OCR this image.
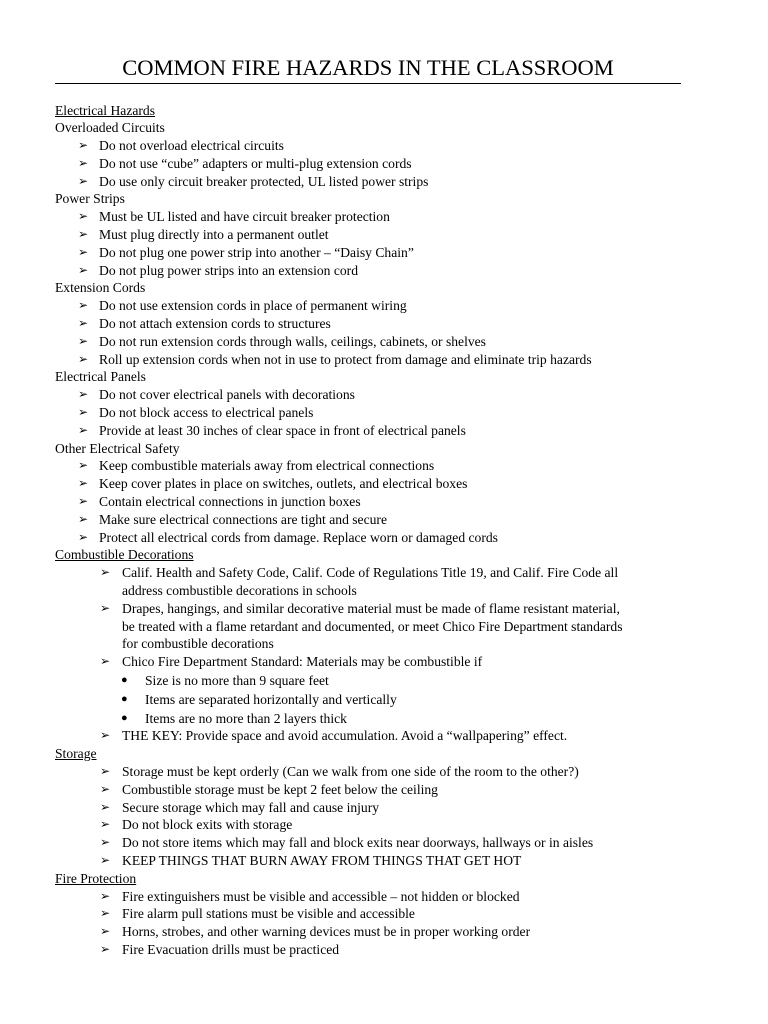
COMMON FIRE HAZARDS IN THE CLASSROOM
Electrical Hazards
Overloaded Circuits
➢ Do not overload electrical circuits
➢ Do not use “cube” adapters or multi-plug extension cords
➢ Do use only circuit breaker protected, UL listed power strips
Power Strips
➢ Must be UL listed and have circuit breaker protection
➢ Must plug directly into a permanent outlet
➢ Do not plug one power strip into another – “Daisy Chain”
➢ Do not plug power strips into an extension cord
Extension Cords
➢ Do not use extension cords in place of permanent wiring
➢ Do not attach extension cords to structures
➢ Do not run extension cords through walls, ceilings, cabinets, or shelves
➢ Roll up extension cords when not in use to protect from damage and eliminate trip hazards
Electrical Panels
➢ Do not cover electrical panels with decorations
➢ Do not block access to electrical panels
➢ Provide at least 30 inches of clear space in front of electrical panels
Other Electrical Safety
➢ Keep combustible materials away from electrical connections
➢ Keep cover plates in place on switches, outlets, and electrical boxes
➢ Contain electrical connections in junction boxes
➢ Make sure electrical connections are tight and secure
➢ Protect all electrical cords from damage. Replace worn or damaged cords
Combustible Decorations
➢ Calif. Health and Safety Code, Calif. Code of Regulations Title 19, and Calif. Fire Code all
address combustible decorations in schools
➢ Drapes, hangings, and similar decorative material must be made of flame resistant material,
be treated with a flame retardant and documented, or meet Chico Fire Department standards
for combustible decorations
➢ Chico Fire Department Standard: Materials may be combustible if
● Size is no more than 9 square feet
● Items are separated horizontally and vertically
● Items are no more than 2 layers thick
➢ THE KEY: Provide space and avoid accumulation. Avoid a “wallpapering” effect.
Storage
➢ Storage must be kept orderly (Can we walk from one side of the room to the other?)
➢ Combustible storage must be kept 2 feet below the ceiling
➢ Secure storage which may fall and cause injury
➢ Do not block exits with storage
➢ Do not store items which may fall and block exits near doorways, hallways or in aisles
➢ KEEP THINGS THAT BURN AWAY FROM THINGS THAT GET HOT
Fire Protection
➢ Fire extinguishers must be visible and accessible – not hidden or blocked
➢ Fire alarm pull stations must be visible and accessible
➢ Horns, strobes, and other warning devices must be in proper working order
➢ Fire Evacuation drills must be practiced
